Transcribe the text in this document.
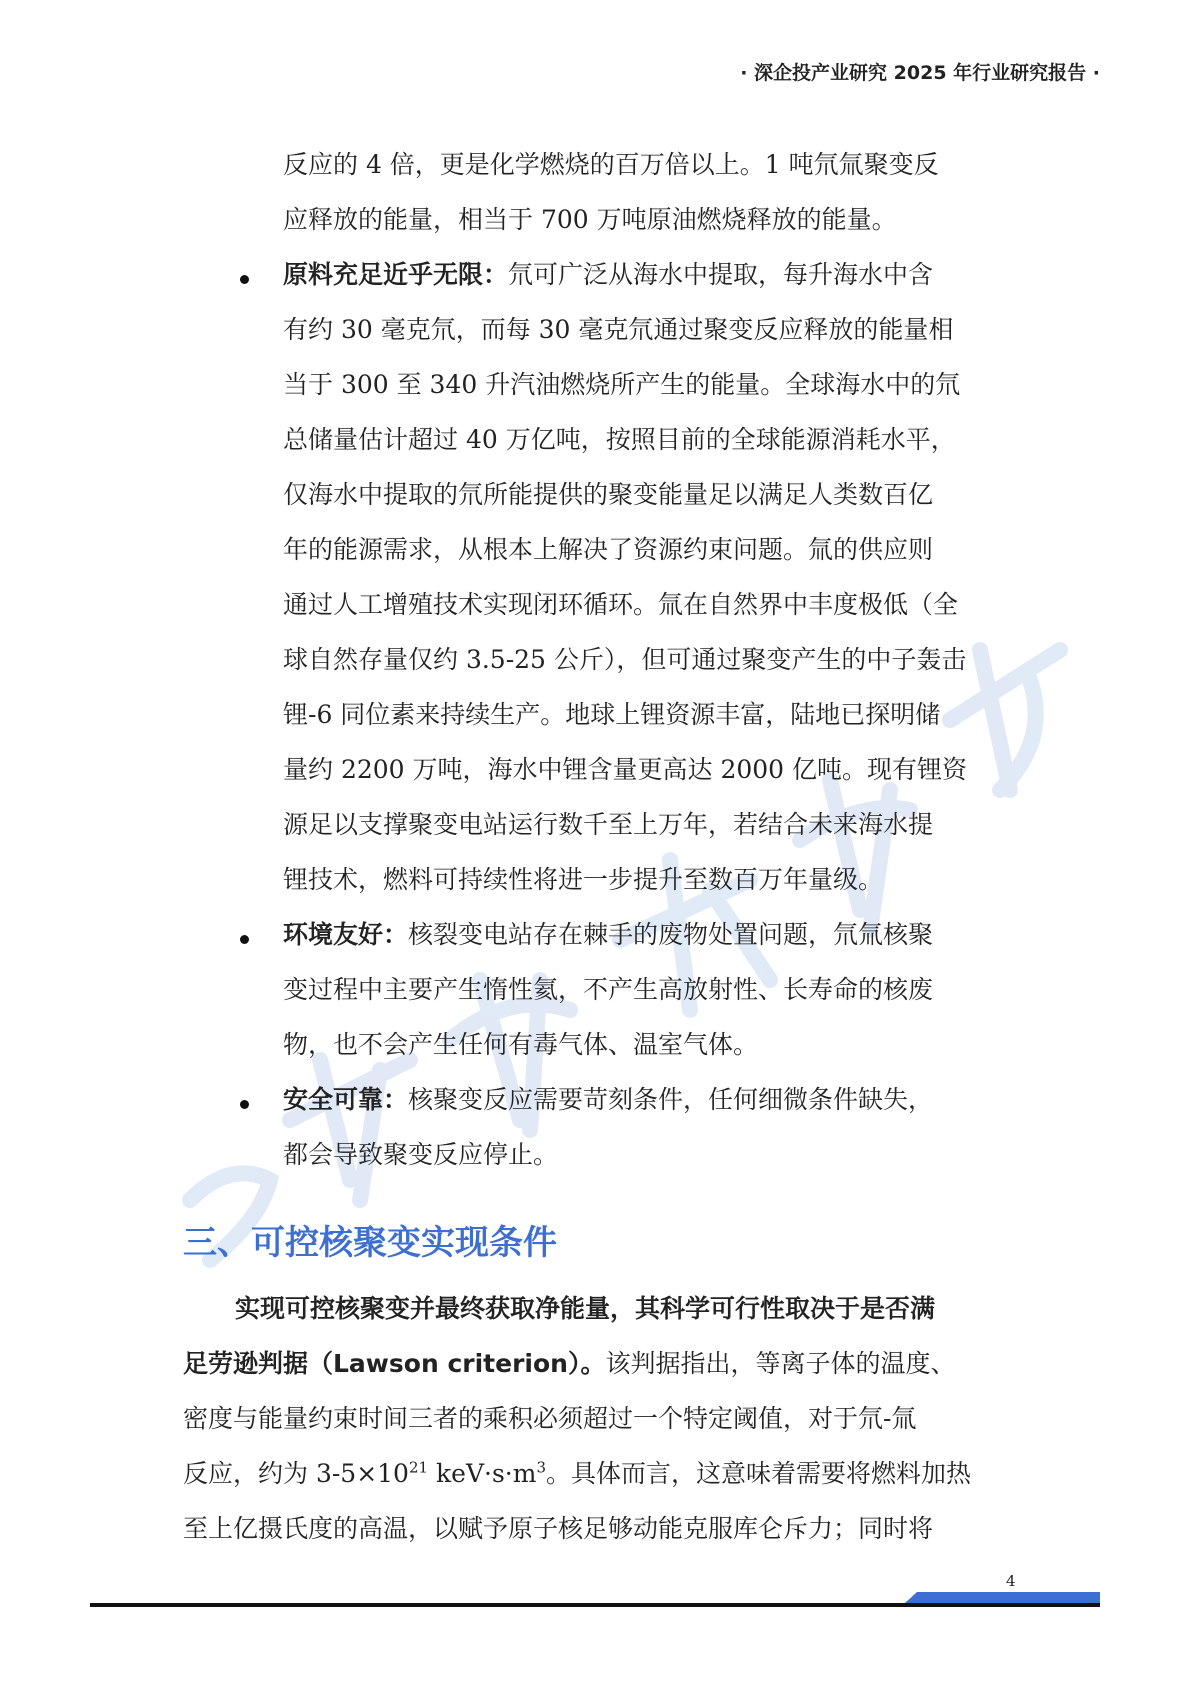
· 深企投产业研究 2025 年行业研究报告 ·
反应的 4 倍，更是化学燃烧的百万倍以上。1 吨氘氚聚变反
应释放的能量，相当于 700 万吨原油燃烧释放的能量。
原料充足近乎无限：氘可广泛从海水中提取，每升海水中含
有约 30 毫克氘，而每 30 毫克氘通过聚变反应释放的能量相
当于 300 至 340 升汽油燃烧所产生的能量。全球海水中的氘
总储量估计超过 40 万亿吨，按照目前的全球能源消耗水平，
仅海水中提取的氘所能提供的聚变能量足以满足人类数百亿
年的能源需求，从根本上解决了资源约束问题。氚的供应则
通过人工增殖技术实现闭环循环。氚在自然界中丰度极低（全
球自然存量仅约 3.5-25 公斤），但可通过聚变产生的中子轰击
锂-6 同位素来持续生产。地球上锂资源丰富，陆地已探明储
量约 2200 万吨，海水中锂含量更高达 2000 亿吨。现有锂资
源足以支撑聚变电站运行数千至上万年，若结合未来海水提
锂技术，燃料可持续性将进一步提升至数百万年量级。
环境友好：核裂变电站存在棘手的废物处置问题，氘氚核聚
变过程中主要产生惰性氦，不产生高放射性、长寿命的核废
物，也不会产生任何有毒气体、温室气体。
安全可靠：核聚变反应需要苛刻条件，任何细微条件缺失，
都会导致聚变反应停止。
三、可控核聚变实现条件
实现可控核聚变并最终获取净能量，其科学可行性取决于是否满
足劳逊判据（Lawson criterion）。该判据指出，等离子体的温度、
密度与能量约束时间三者的乘积必须超过一个特定阈值，对于氘-氚
反应，约为 $3-5\times 10^{21}$ $keV\cdot s\cdot m^3$。具体而言，这意味着需要将燃料加热
至上亿摄氏度的高温，以赋予原子核足够动能克服库仑斥力；同时将
4
